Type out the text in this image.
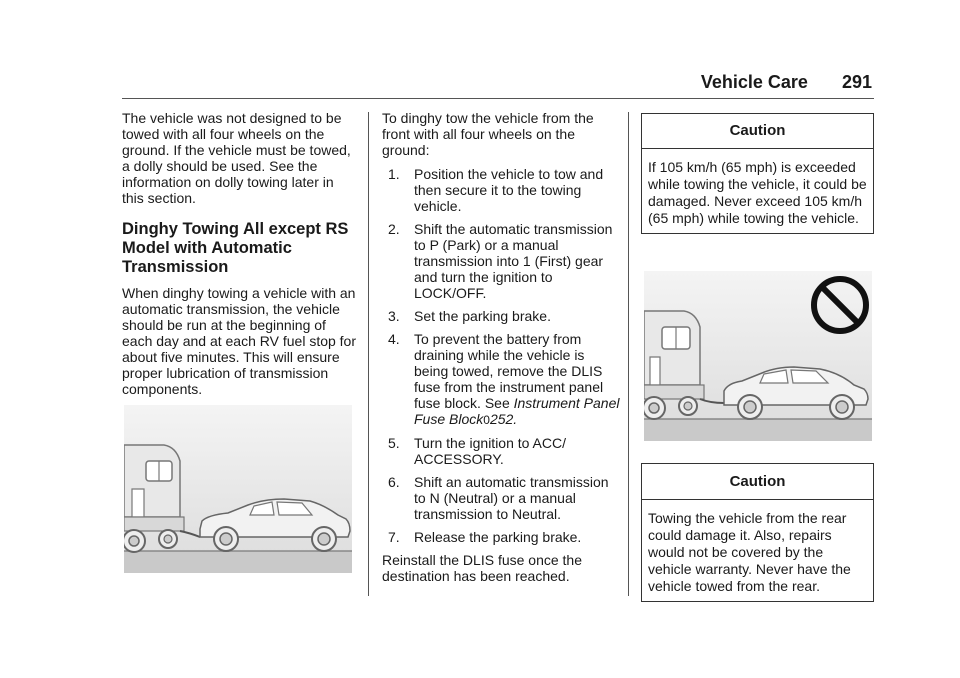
Vehicle Care 291

The vehicle was not designed to be towed with all four wheels on the ground. If the vehicle must be towed, a dolly should be used. See the information on dolly towing later in this section.

Dinghy Towing All except RS Model with Automatic Transmission

When dinghy towing a vehicle with an automatic transmission, the vehicle should be run at the beginning of each day and at each RV fuel stop for about five minutes. This will ensure proper lubrication of transmission components.

To dinghy tow the vehicle from the front with all four wheels on the ground:

1. Position the vehicle to tow and then secure it to the towing vehicle.
2. Shift the automatic transmission to P (Park) or a manual transmission into 1 (First) gear and turn the ignition to LOCK/OFF.
3. Set the parking brake.
4. To prevent the battery from draining while the vehicle is being towed, remove the DLIS fuse from the instrument panel fuse block. See Instrument Panel Fuse Block0252.
5. Turn the ignition to ACC/ ACCESSORY.
6. Shift an automatic transmission to N (Neutral) or a manual transmission to Neutral.
7. Release the parking brake.

Reinstall the DLIS fuse once the destination has been reached.

Caution
If 105 km/h (65 mph) is exceeded while towing the vehicle, it could be damaged. Never exceed 105 km/h (65 mph) while towing the vehicle.
Caution
Towing the vehicle from the rear could damage it. Also, repairs would not be covered by the vehicle warranty. Never have the vehicle towed from the rear.
